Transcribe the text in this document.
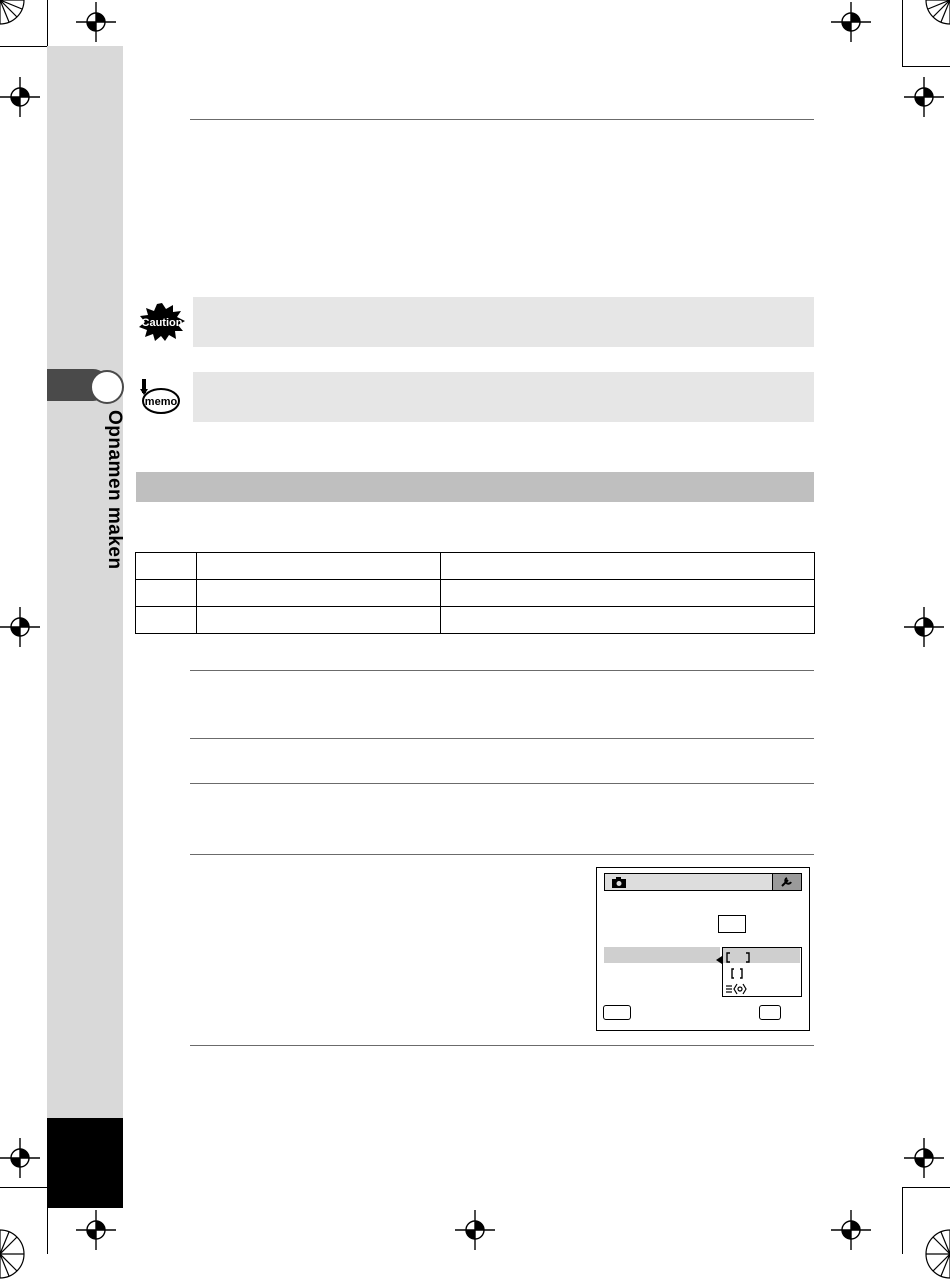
Opnamen maken
Caution
memo
